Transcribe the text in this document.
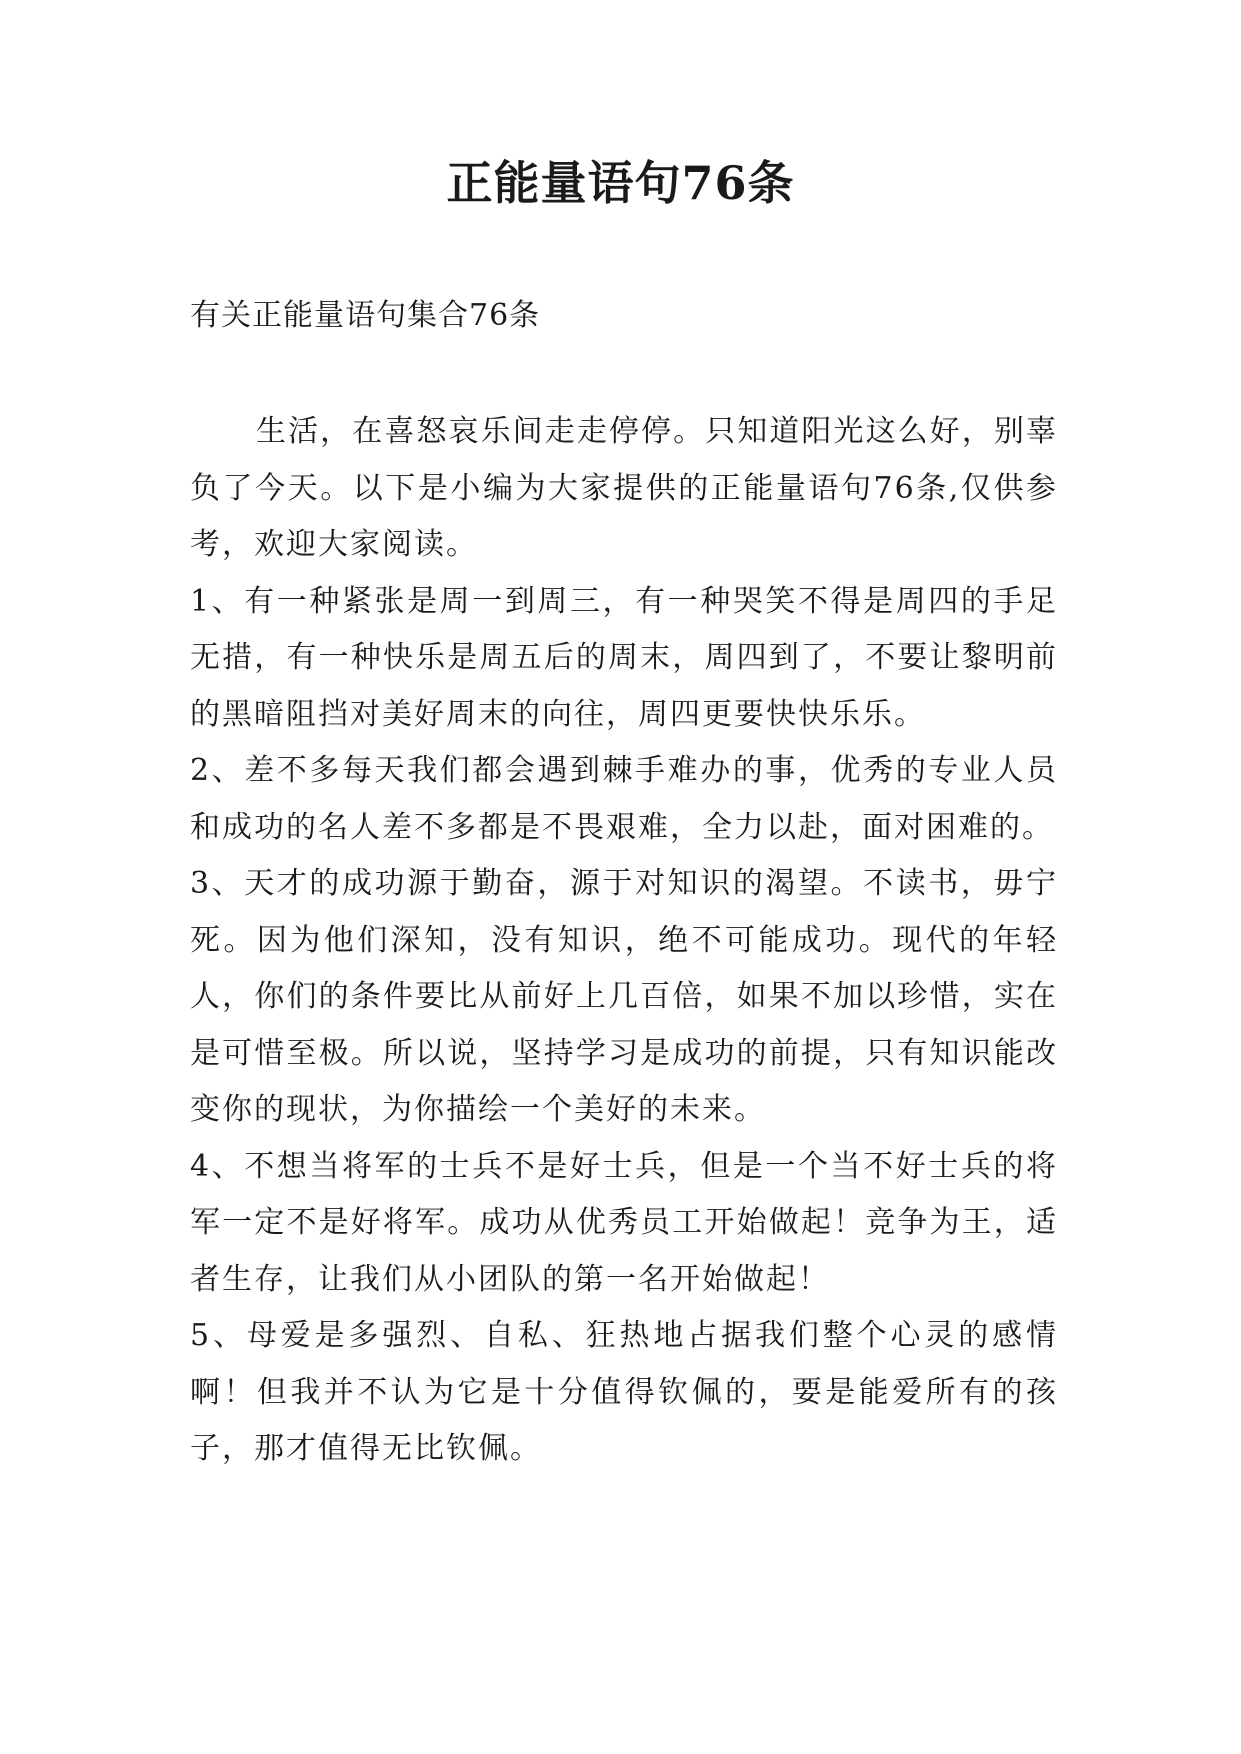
正能量语句76条

有关正能量语句集合76条

生活，在喜怒哀乐间走走停停。只知道阳光这么好，别辜负了今天。以下是小编为大家提供的正能量语句76条,仅供参考，欢迎大家阅读。

1、有一种紧张是周一到周三，有一种哭笑不得是周四的手足无措，有一种快乐是周五后的周末，周四到了，不要让黎明前的黑暗阻挡对美好周末的向往，周四更要快快乐乐。

2、差不多每天我们都会遇到棘手难办的事，优秀的专业人员和成功的名人差不多都是不畏艰难，全力以赴，面对困难的。

3、天才的成功源于勤奋，源于对知识的渴望。不读书，毋宁死。因为他们深知，没有知识，绝不可能成功。现代的年轻人，你们的条件要比从前好上几百倍，如果不加以珍惜，实在是可惜至极。所以说，坚持学习是成功的前提，只有知识能改变你的现状，为你描绘一个美好的未来。

4、不想当将军的士兵不是好士兵，但是一个当不好士兵的将军一定不是好将军。成功从优秀员工开始做起！竞争为王，适者生存，让我们从小团队的第一名开始做起！

5、母爱是多强烈、自私、狂热地占据我们整个心灵的感情啊！但我并不认为它是十分值得钦佩的，要是能爱所有的孩子，那才值得无比钦佩。
